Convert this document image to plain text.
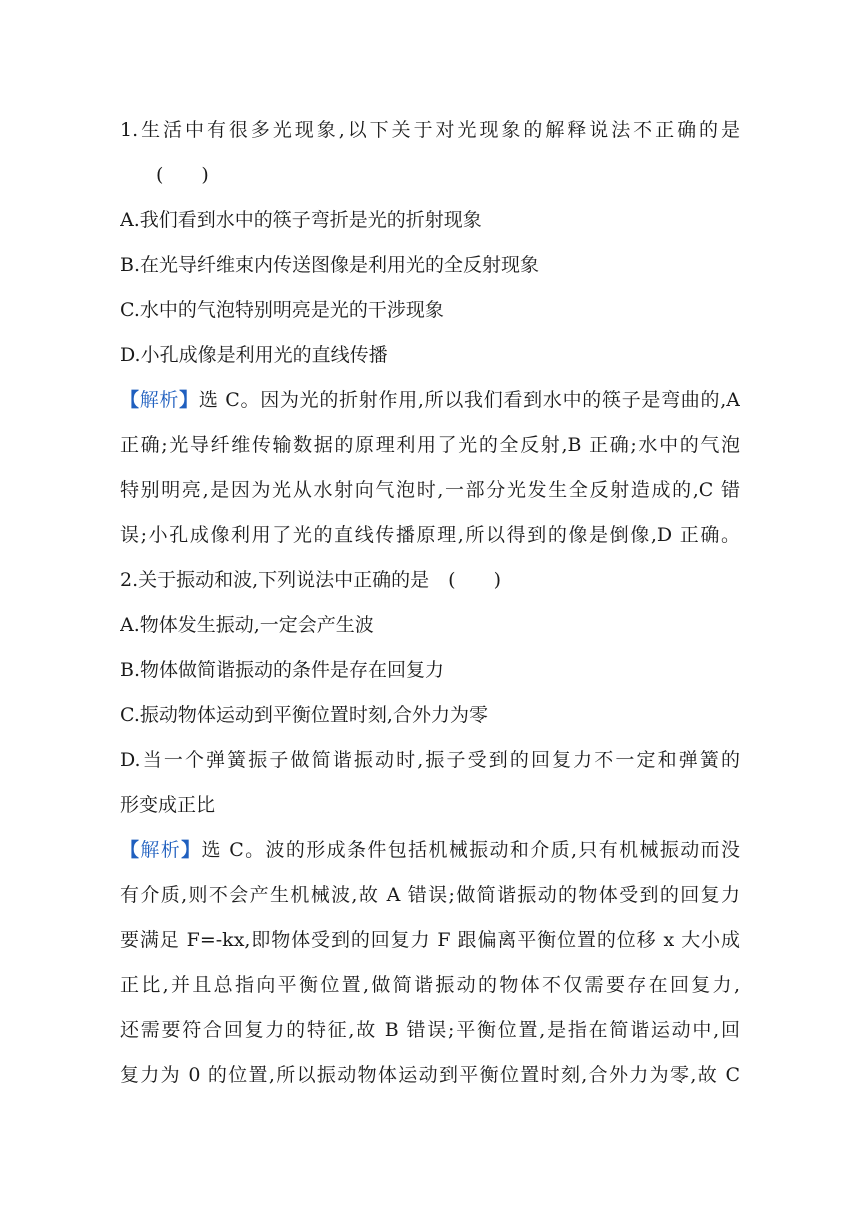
1.生活中有很多光现象,以下关于对光现象的解释说法不正确的是
(　　)
A.我们看到水中的筷子弯折是光的折射现象
B.在光导纤维束内传送图像是利用光的全反射现象
C.水中的气泡特别明亮是光的干涉现象
D.小孔成像是利用光的直线传播
【解析】选 C。因为光的折射作用,所以我们看到水中的筷子是弯曲的,A
正确;光导纤维传输数据的原理利用了光的全反射,B 正确;水中的气泡
特别明亮,是因为光从水射向气泡时,一部分光发生全反射造成的,C 错
误;小孔成像利用了光的直线传播原理,所以得到的像是倒像,D 正确。
2.关于振动和波,下列说法中正确的是　(　　)
A.物体发生振动,一定会产生波
B.物体做简谐振动的条件是存在回复力
C.振动物体运动到平衡位置时刻,合外力为零
D.当一个弹簧振子做简谐振动时,振子受到的回复力不一定和弹簧的
形变成正比
【解析】选 C。波的形成条件包括机械振动和介质,只有机械振动而没
有介质,则不会产生机械波,故 A 错误;做简谐振动的物体受到的回复力
要满足 F=-kx,即物体受到的回复力 F 跟偏离平衡位置的位移 x 大小成
正比,并且总指向平衡位置,做简谐振动的物体不仅需要存在回复力,
还需要符合回复力的特征,故 B 错误;平衡位置,是指在简谐运动中,回
复力为 0 的位置,所以振动物体运动到平衡位置时刻,合外力为零,故 C
